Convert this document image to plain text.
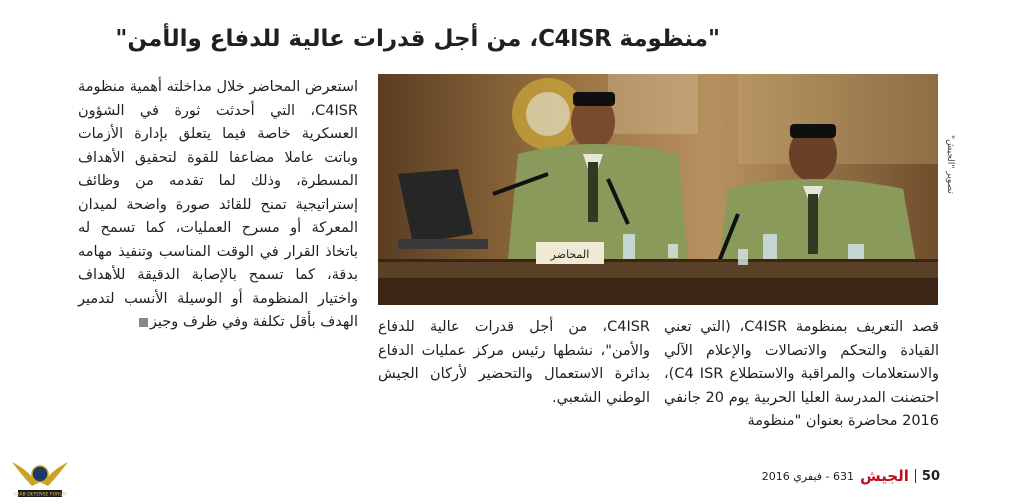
"منظومة C4ISR، من أجل قدرات عالية للدفاع والأمن"
المحاضر
تصوير "الجيش"

استعرض المحاضر خلال مداخلته أهمية منظومة C4ISR، التي أحدثت ثورة في الشؤون العسكرية خاصة فيما يتعلق بإدارة الأزمات وباتت عاملا مضاعفا للقوة لتحقيق الأهداف المسطرة، وذلك لما تقدمه من وظائف إستراتيجية تمنح للقائد صورة واضحة لميدان المعركة أو مسرح العمليات، كما تسمح له باتخاذ القرار في الوقت المناسب وتنفيذ مهامه بدقة، كما تسمح بالإصابة الدقيقة للأهداف واختيار المنظومة أو الوسيلة الأنسب لتدمير الهدف بأقل تكلفة وفي ظرف وجيز C4ISR، من أجل قدرات عالية للدفاع والأمن"، نشطها رئيس مركز عمليات الدفاع بدائرة الاستعمال والتحضير لأركان الجيش الوطني الشعبي.

قصد التعريف بمنظومة C4ISR، (التي تعني القيادة والتحكم والاتصالات والإعلام الآلي والاستعلامات والمراقبة والاستطلاع C4 ISR)، احتضنت المدرسة العليا الحربية يوم 20 جانفي 2016 محاضرة بعنوان "منظومة

50
الجيش
631 - فيفري 2016
ARAB DEFENSE FORUM
